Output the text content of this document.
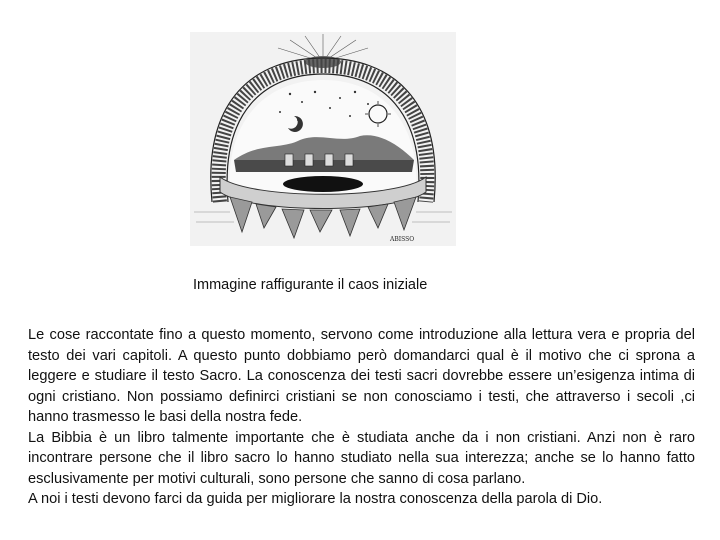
ABISSO
Immagine raffigurante il caos iniziale

Le cose raccontate fino a questo momento, servono come introduzione alla lettura vera e propria del testo dei vari capitoli. A questo punto dobbiamo però domandarci qual è il motivo che ci sprona a leggere e studiare il testo Sacro. La conoscenza dei testi sacri dovrebbe essere un’esigenza intima di ogni cristiano. Non possiamo definirci cristiani se non conosciamo i testi, che attraverso i secoli ,ci hanno trasmesso le basi della nostra fede.

La Bibbia è un libro talmente importante che è studiata anche da i non cristiani. Anzi non è raro incontrare persone che il libro sacro lo hanno studiato nella sua interezza; anche se lo hanno fatto esclusivamente per motivi culturali, sono persone che sanno di cosa parlano.

A noi i testi devono farci da guida per migliorare la nostra conoscenza della parola di Dio.
